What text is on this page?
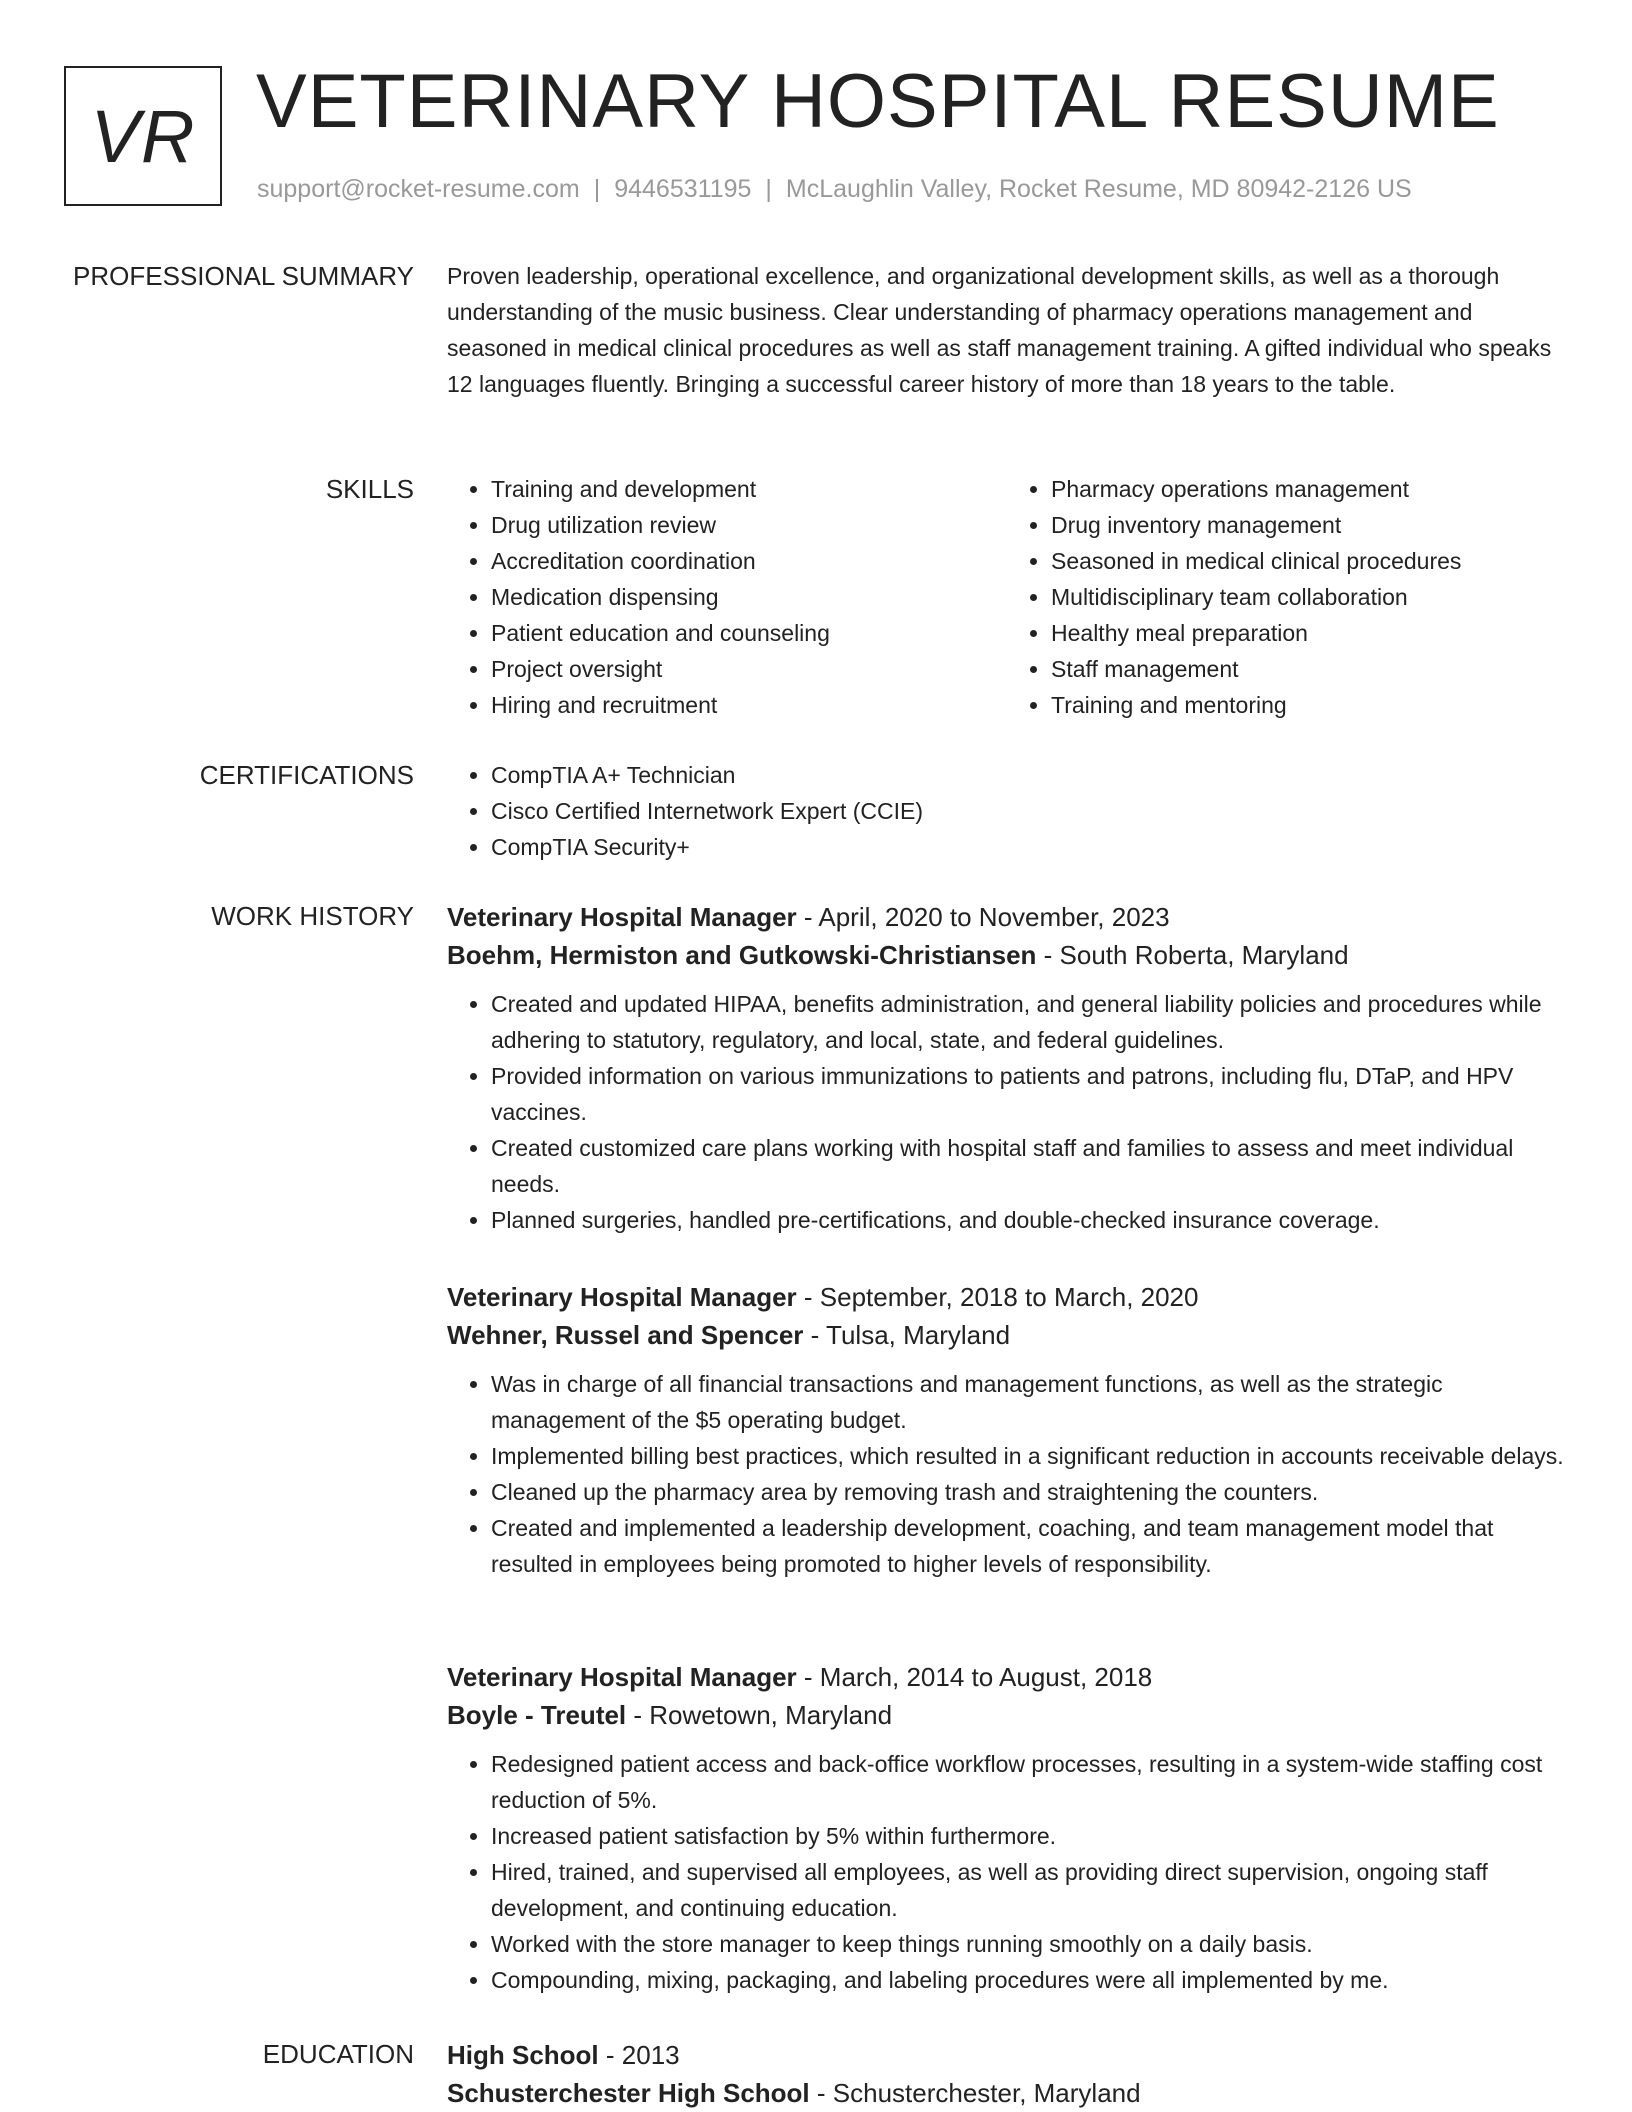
VR VETERINARY HOSPITAL RESUME
support@rocket-resume.com | 9446531195 | McLaughlin Valley, Rocket Resume, MD 80942-2126 US
PROFESSIONAL SUMMARY Proven leadership, operational excellence, and organizational development skills, as well as a thorough understanding of the music business. Clear understanding of pharmacy operations management and seasoned in medical clinical procedures as well as staff management training. A gifted individual who speaks 12 languages fluently. Bringing a successful career history of more than 18 years to the table.
SKILLS	• Training and development
• Drug utilization review
• Accreditation coordination
• Medication dispensing
• Patient education and counseling
• Project oversight
• Hiring and recruitment
• Pharmacy operations management
• Drug inventory management
• Seasoned in medical clinical procedures
• Multidisciplinary team collaboration
• Healthy meal preparation
• Staff management
• Training and mentoring
CERTIFICATIONS	• CompTIA A+ Technician
• Cisco Certified Internetwork Expert (CCIE)
• CompTIA Security+
WORK HISTORY Veterinary Hospital Manager - April, 2020 to November, 2023
Boehm, Hermiston and Gutkowski-Christiansen - South Roberta, Maryland
• Created and updated HIPAA, benefits administration, and general liability policies and procedures while adhering to statutory, regulatory, and local, state, and federal guidelines.
• Provided information on various immunizations to patients and patrons, including flu, DTaP, and HPV vaccines.
• Created customized care plans working with hospital staff and families to assess and meet individual needs.
• Planned surgeries, handled pre-certifications, and double-checked insurance coverage.
Veterinary Hospital Manager - September, 2018 to March, 2020
Wehner, Russel and Spencer - Tulsa, Maryland
• Was in charge of all financial transactions and management functions, as well as the strategic management of the $5 operating budget.
• Implemented billing best practices, which resulted in a significant reduction in accounts receivable delays.
• Cleaned up the pharmacy area by removing trash and straightening the counters.
• Created and implemented a leadership development, coaching, and team management model that resulted in employees being promoted to higher levels of responsibility.
Veterinary Hospital Manager - March, 2014 to August, 2018
Boyle - Treutel - Rowetown, Maryland
• Redesigned patient access and back-office workflow processes, resulting in a system-wide staffing cost reduction of 5%.
• Increased patient satisfaction by 5% within furthermore.
• Hired, trained, and supervised all employees, as well as providing direct supervision, ongoing staff development, and continuing education.
• Worked with the store manager to keep things running smoothly on a daily basis.
• Compounding, mixing, packaging, and labeling procedures were all implemented by me.
EDUCATION High School - 2013
Schusterchester High School - Schusterchester, Maryland
